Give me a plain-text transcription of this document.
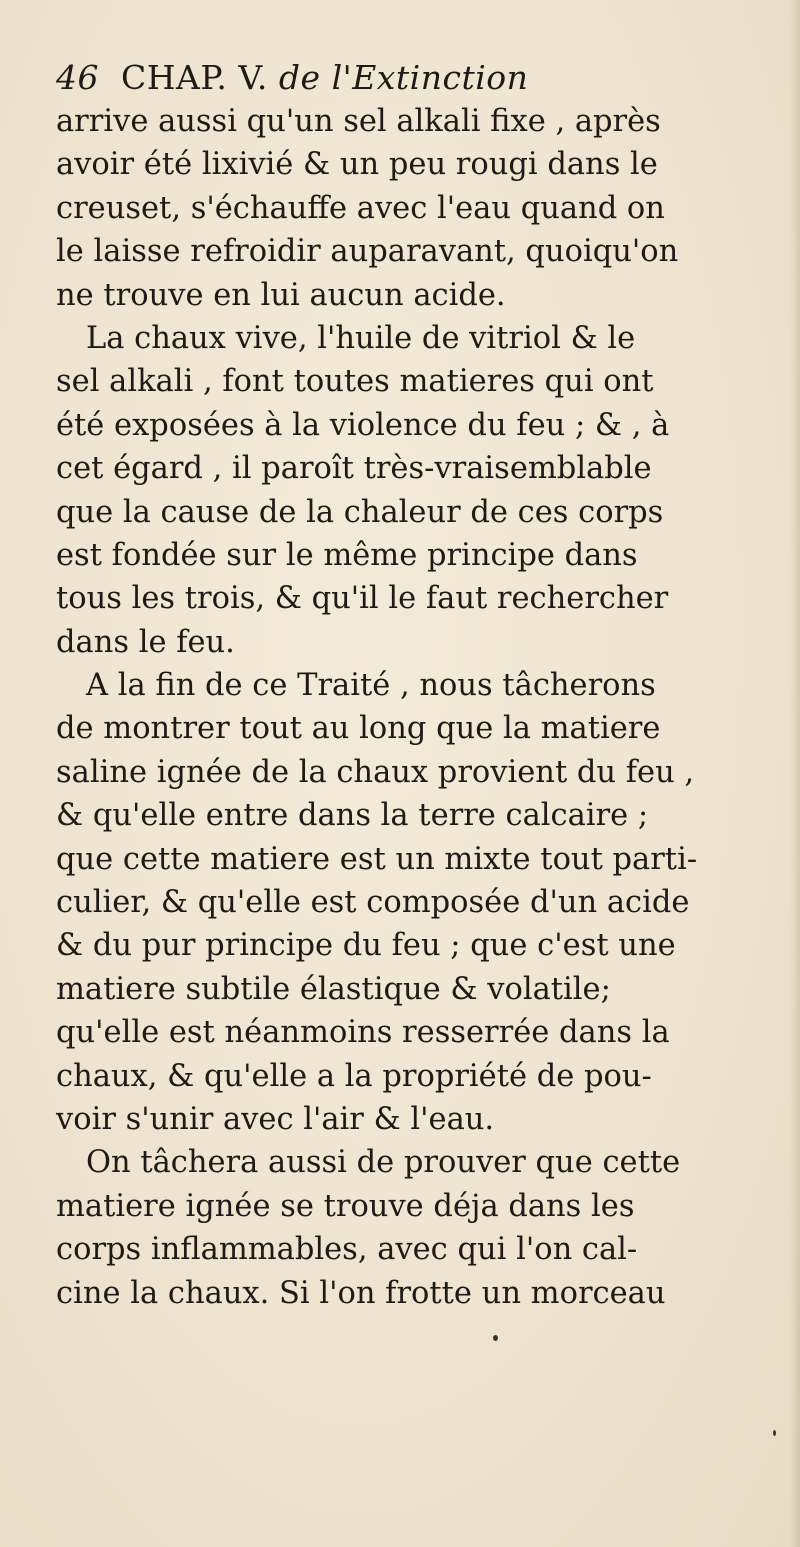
46 CHAP. V. de l'Extinction
arrive aussi qu'un sel alkali fixe , après
avoir été lixivié & un peu rougi dans le
creuset, s'échauffe avec l'eau quand on
le laisse refroidir auparavant, quoiqu'on
ne trouve en lui aucun acide.
La chaux vive, l'huile de vitriol & le
sel alkali , font toutes matieres qui ont
été exposées à la violence du feu ; & , à
cet égard , il paroît très-vraisemblable
que la cause de la chaleur de ces corps
est fondée sur le même principe dans
tous les trois, & qu'il le faut rechercher
dans le feu.
A la fin de ce Traité , nous tâcherons
de montrer tout au long que la matiere
saline ignée de la chaux provient du feu ,
& qu'elle entre dans la terre calcaire ;
que cette matiere est un mixte tout parti-
culier, & qu'elle est composée d'un acide
& du pur principe du feu ; que c'est une
matiere subtile élastique & volatile;
qu'elle est néanmoins resserrée dans la
chaux, & qu'elle a la propriété de pou-
voir s'unir avec l'air & l'eau.
On tâchera aussi de prouver que cette
matiere ignée se trouve déja dans les
corps inflammables, avec qui l'on cal-
cine la chaux. Si l'on frotte un morceau
